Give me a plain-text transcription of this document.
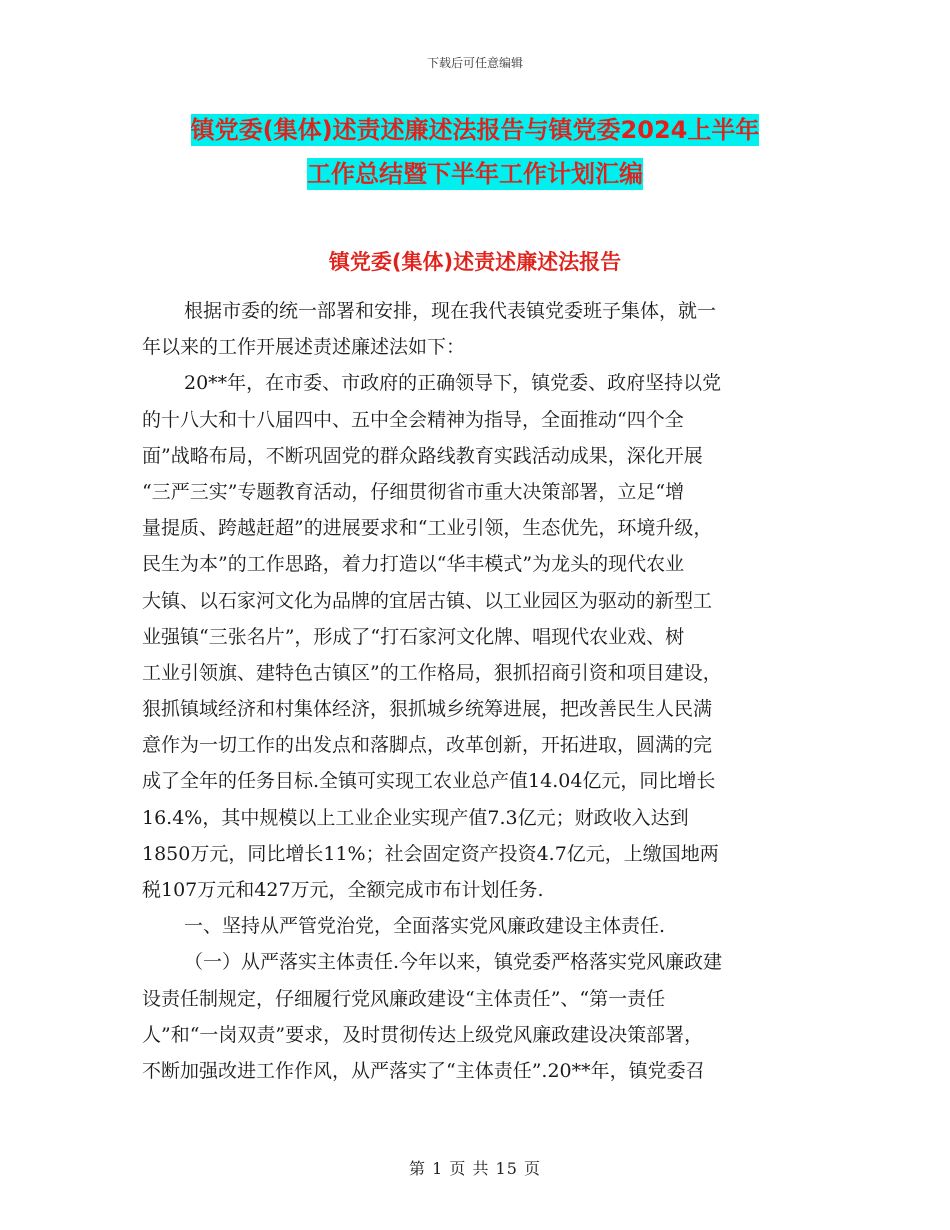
下载后可任意编辑
镇党委(集体)述责述廉述法报告与镇党委2024上半年
工作总结暨下半年工作计划汇编
镇党委(集体)述责述廉述法报告
根据市委的统一部署和安排，现在我代表镇党委班子集体，就一
年以来的工作开展述责述廉述法如下：
20**年，在市委、市政府的正确领导下，镇党委、政府坚持以党
的十八大和十八届四中、五中全会精神为指导，全面推动“四个全
面”战略布局，不断巩固党的群众路线教育实践活动成果，深化开展
“三严三实”专题教育活动，仔细贯彻省市重大决策部署，立足“增
量提质、跨越赶超”的进展要求和“工业引领，生态优先，环境升级，
民生为本”的工作思路，着力打造以“华丰模式”为龙头的现代农业
大镇、以石家河文化为品牌的宜居古镇、以工业园区为驱动的新型工
业强镇“三张名片”，形成了“打石家河文化牌、唱现代农业戏、树
工业引领旗、建特色古镇区”的工作格局，狠抓招商引资和项目建设，
狠抓镇域经济和村集体经济，狠抓城乡统筹进展，把改善民生人民满
意作为一切工作的出发点和落脚点，改革创新，开拓进取，圆满的完
成了全年的任务目标.全镇可实现工农业总产值14.04亿元，同比增长
16.4%，其中规模以上工业企业实现产值7.3亿元；财政收入达到
1850万元，同比增长11%；社会固定资产投资4.7亿元，上缴国地两
税107万元和427万元，全额完成市布计划任务.
一、坚持从严管党治党，全面落实党风廉政建设主体责任.
（一）从严落实主体责任.今年以来，镇党委严格落实党风廉政建
设责任制规定，仔细履行党风廉政建设“主体责任”、“第一责任
人”和“一岗双责”要求，及时贯彻传达上级党风廉政建设决策部署，
不断加强改进工作作风，从严落实了“主体责任”.20**年，镇党委召
第 1 页 共 15 页
